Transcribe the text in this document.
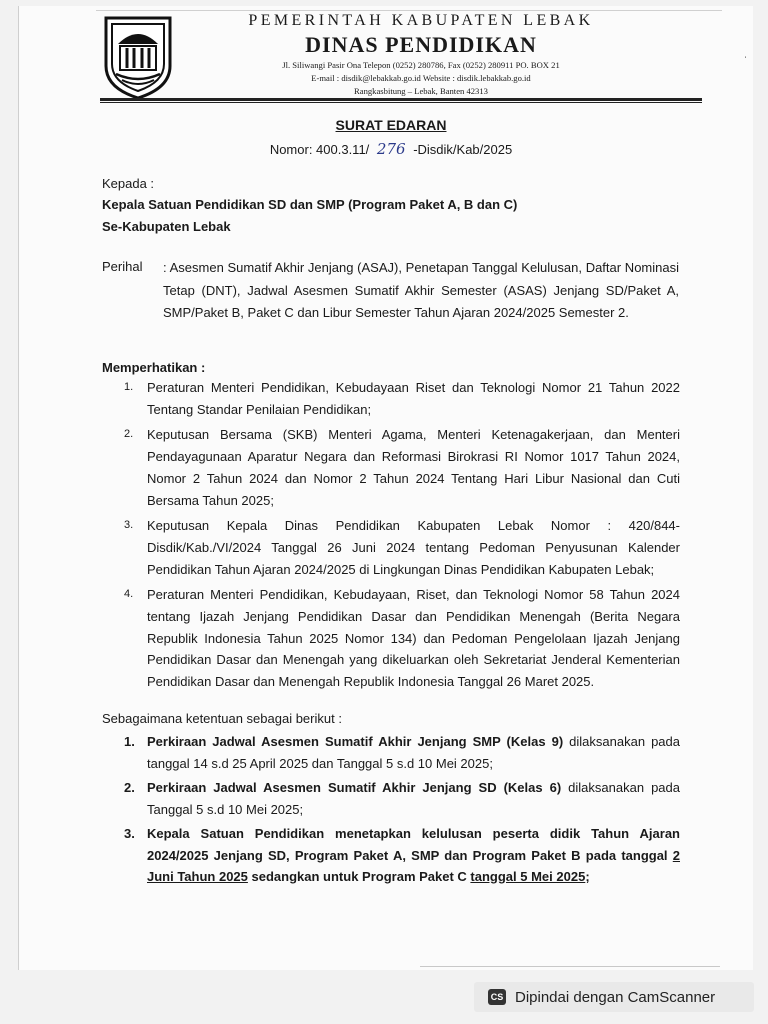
PEMERINTAH KABUPATEN LEBAK
DINAS PENDIDIKAN
Jl. Siliwangi Pasir Ona Telepon (0252) 280786, Fax (0252) 280911 PO. BOX 21
E-mail : disdik@lebakkab.go.id Website : disdik.lebakkab.go.id
Rangkasbitung – Lebak, Banten 42313
ˈ
SURAT EDARAN
Nomor: 400.3.11/ 276 -Disdik/Kab/2025
Kepada :
Kepala Satuan Pendidikan SD dan SMP (Program Paket A, B dan C)
Se-Kabupaten Lebak
Perihal : Asesmen Sumatif Akhir Jenjang (ASAJ), Penetapan Tanggal Kelulusan, Daftar Nominasi Tetap (DNT), Jadwal Asesmen Sumatif Akhir Semester (ASAS) Jenjang SD/Paket A, SMP/Paket B, Paket C dan Libur Semester Tahun Ajaran 2024/2025 Semester 2.
Memperhatikan :
1. Peraturan Menteri Pendidikan, Kebudayaan Riset dan Teknologi Nomor 21 Tahun 2022 Tentang Standar Penilaian Pendidikan;
2. Keputusan Bersama (SKB) Menteri Agama, Menteri Ketenagakerjaan, dan Menteri Pendayagunaan Aparatur Negara dan Reformasi Birokrasi RI Nomor 1017 Tahun 2024, Nomor 2 Tahun 2024 dan Nomor 2 Tahun 2024 Tentang Hari Libur Nasional dan Cuti Bersama Tahun 2025;
3. Keputusan Kepala Dinas Pendidikan Kabupaten Lebak Nomor : 420/844-Disdik/Kab./VI/2024 Tanggal 26 Juni 2024 tentang Pedoman Penyusunan Kalender Pendidikan Tahun Ajaran 2024/2025 di Lingkungan Dinas Pendidikan Kabupaten Lebak;
4. Peraturan Menteri Pendidikan, Kebudayaan, Riset, dan Teknologi Nomor 58 Tahun 2024 tentang Ijazah Jenjang Pendidikan Dasar dan Pendidikan Menengah (Berita Negara Republik Indonesia Tahun 2025 Nomor 134) dan Pedoman Pengelolaan Ijazah Jenjang Pendidikan Dasar dan Menengah yang dikeluarkan oleh Sekretariat Jenderal Kementerian Pendidikan Dasar dan Menengah Republik Indonesia Tanggal 26 Maret 2025.
Sebagaimana ketentuan sebagai berikut :
1. Perkiraan Jadwal Asesmen Sumatif Akhir Jenjang SMP (Kelas 9) dilaksanakan pada tanggal 14 s.d 25 April 2025 dan Tanggal 5 s.d 10 Mei 2025;
2. Perkiraan Jadwal Asesmen Sumatif Akhir Jenjang SD (Kelas 6) dilaksanakan pada Tanggal 5 s.d 10 Mei 2025;
3. Kepala Satuan Pendidikan menetapkan kelulusan peserta didik Tahun Ajaran 2024/2025 Jenjang SD, Program Paket A, SMP dan Program Paket B pada tanggal 2 Juni Tahun 2025 sedangkan untuk Program Paket C tanggal 5 Mei 2025;
CS Dipindai dengan CamScanner
